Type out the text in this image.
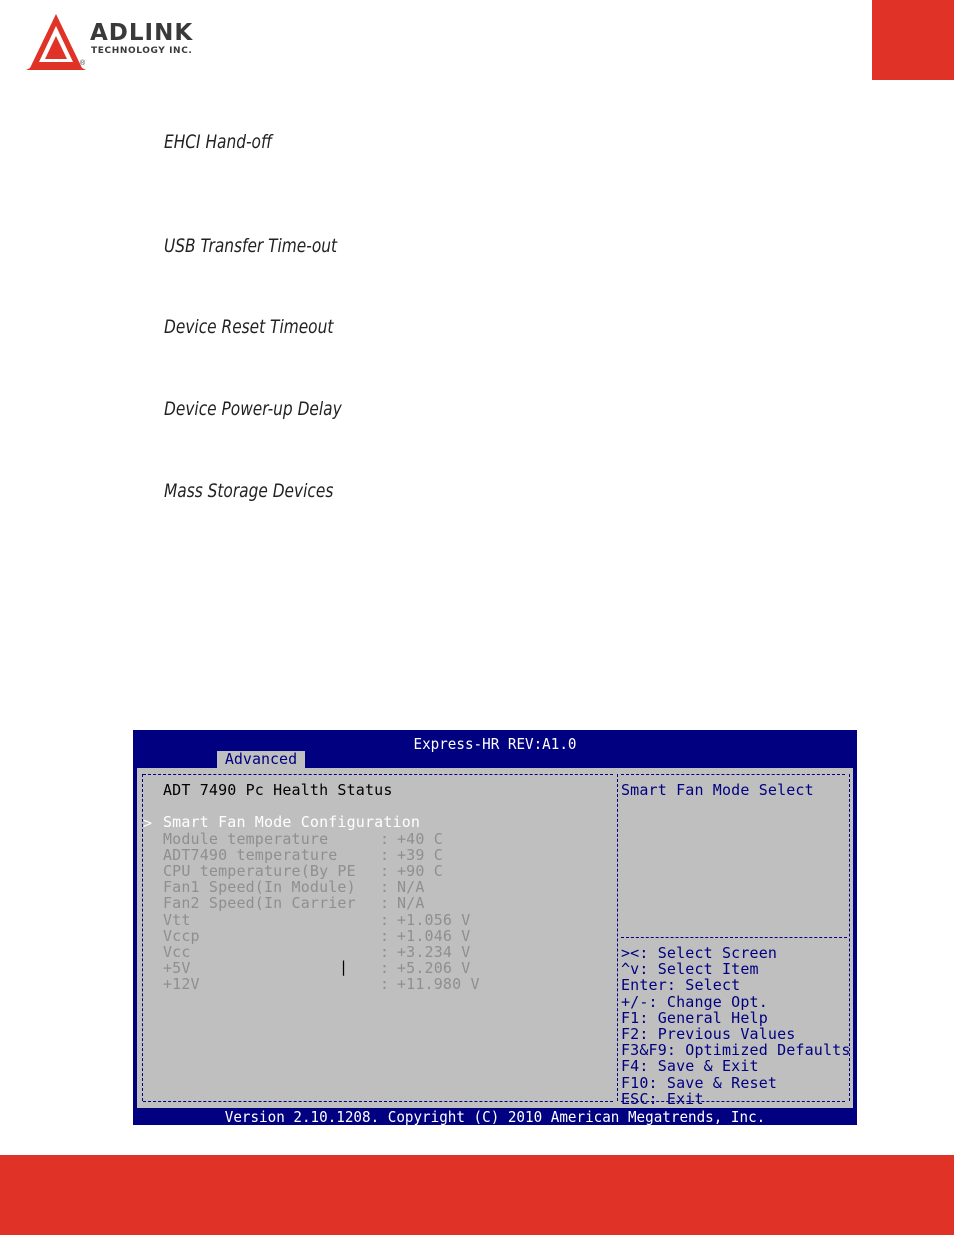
ADLINK
TECHNOLOGY INC.
®
EHCI Hand-off
USB Transfer Time-out
Device Reset Timeout
Device Power-up Delay
Mass Storage Devices
Express-HR REV:A1.0
Advanced
ADT 7490 Pc Health Status
Smart Fan Mode Configuration
Module temperature	: +40 C
ADT7490 temperature	: +39 C
CPU temperature(By PE : +90 C
Fan1 Speed(In Module) : N/A
Fan2 Speed(In Carrier : N/A
Vtt	: +1.056 V
Vccp	: +1.046 V
Vcc	: +3.234 V
+5V	: +5.206 V
+12V	: +11.980 V
>
|
Smart Fan Mode Select
><: Select Screen
^v: Select Item
Enter: Select
+/-: Change Opt.
F1: General Help
F2: Previous Values
F3&F9: Optimized Defaults
F4: Save & Exit
F10: Save & Reset
ESC: Exit
Version 2.10.1208. Copyright (C) 2010 American Megatrends, Inc.
